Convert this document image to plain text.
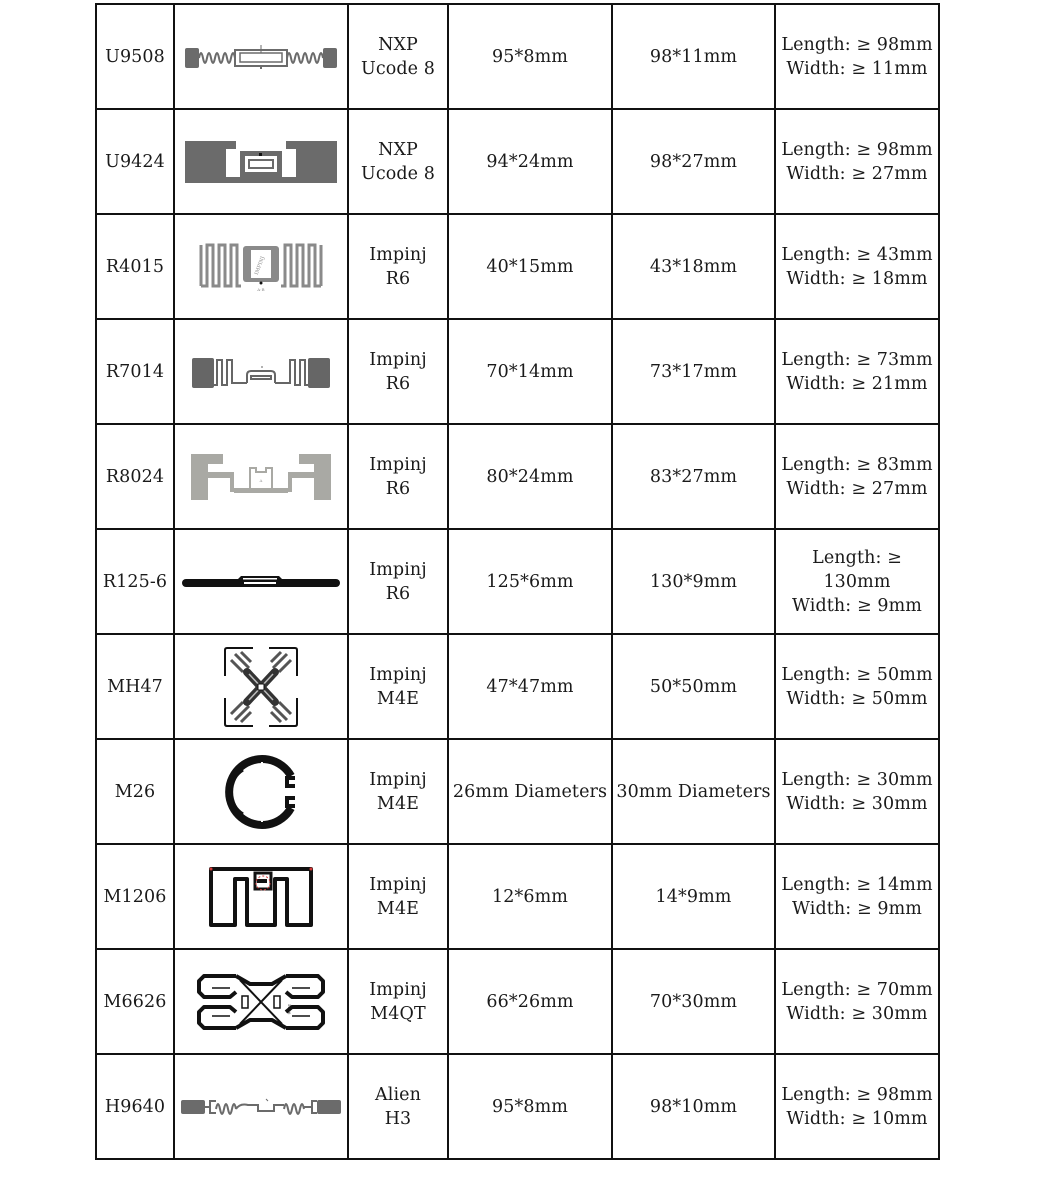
U9508		NXP
Ucode 8	95*8mm	98*11mm	Length: ≥ 98mm
Width: ≥ 11mm

U9424		NXP
Ucode 8	94*24mm	98*27mm	Length: ≥ 98mm
Width: ≥ 27mm

R4015	IMPINJ
A·B	Impinj
R6	40*15mm	43*18mm	Length: ≥ 43mm
Width: ≥ 18mm

R7014		Impinj
R6	70*14mm	73*17mm	Length: ≥ 73mm
Width: ≥ 21mm

R8024	A	Impinj
R6	80*24mm	83*27mm	Length: ≥ 83mm
Width: ≥ 27mm

R125-6		Impinj
R6	125*6mm	130*9mm	Length: ≥ 130mm
Width: ≥ 9mm

MH47		Impinj
M4E	47*47mm	50*50mm	Length: ≥ 50mm
Width: ≥ 50mm

M26		Impinj
M4E	26mm Diameters	30mm Diameters	Length: ≥ 30mm
Width: ≥ 30mm

M1206		Impinj
M4E	12*6mm	14*9mm	Length: ≥ 14mm
Width: ≥ 9mm

M6626	5666	Impinj
M4QT	66*26mm	70*30mm	Length: ≥ 70mm
Width: ≥ 30mm

H9640		Alien
H3	95*8mm	98*10mm	Length: ≥ 98mm
Width: ≥ 10mm
